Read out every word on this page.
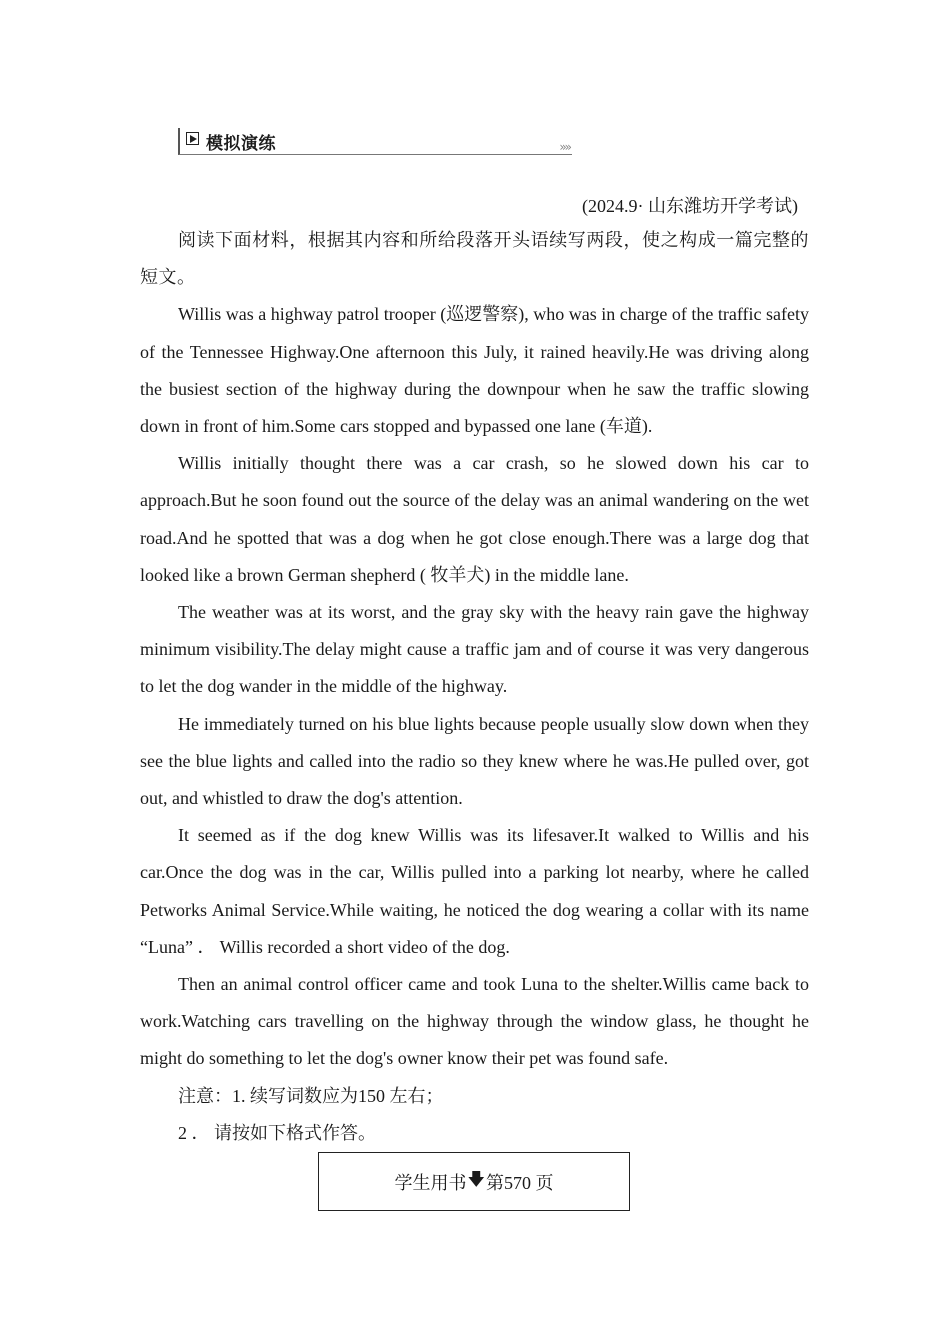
模拟演练	»»
(2024.9· 山东潍坊开学考试)

阅读下面材料，根据其内容和所给段落开头语续写两段，使之构成一篇完整的短文。

Willis was a highway patrol trooper (巡逻警察), who was in charge of the traffic safety of the Tennessee Highway.One afternoon this July, it rained heavily.He was driving along the busiest section of the highway during the downpour when he saw the traffic slowing down in front of him.Some cars stopped and bypassed one lane (车道).

Willis initially thought there was a car crash, so he slowed down his car to approach.But he soon found out the source of the delay was an animal wandering on the wet road.And he spotted that was a dog when he got close enough.There was a large dog that looked like a brown German shepherd ( 牧羊犬) in the middle lane.

The weather was at its worst, and the gray sky with the heavy rain gave the highway minimum visibility.The delay might cause a traffic jam and of course it was very dangerous to let the dog wander in the middle of the highway.

He immediately turned on his blue lights because people usually slow down when they see the blue lights and called into the radio so they knew where he was.He pulled over, got out, and whistled to draw the dog's attention.

It seemed as if the dog knew Willis was its lifesaver.It walked to Willis and his car.Once the dog was in the car, Willis pulled into a parking lot nearby, where he called Petworks Animal Service.While waiting, he noticed the dog wearing a collar with its name “Luna” ． Willis recorded a short video of the dog.

Then an animal control officer came and took Luna to the shelter.Willis came back to work.Watching cars travelling on the highway through the window glass, he thought he might do something to let the dog's owner know their pet was found safe.

注意：1. 续写词数应为150 左右；

2 ． 请按如下格式作答。

学生用书 🡇 第570 页
